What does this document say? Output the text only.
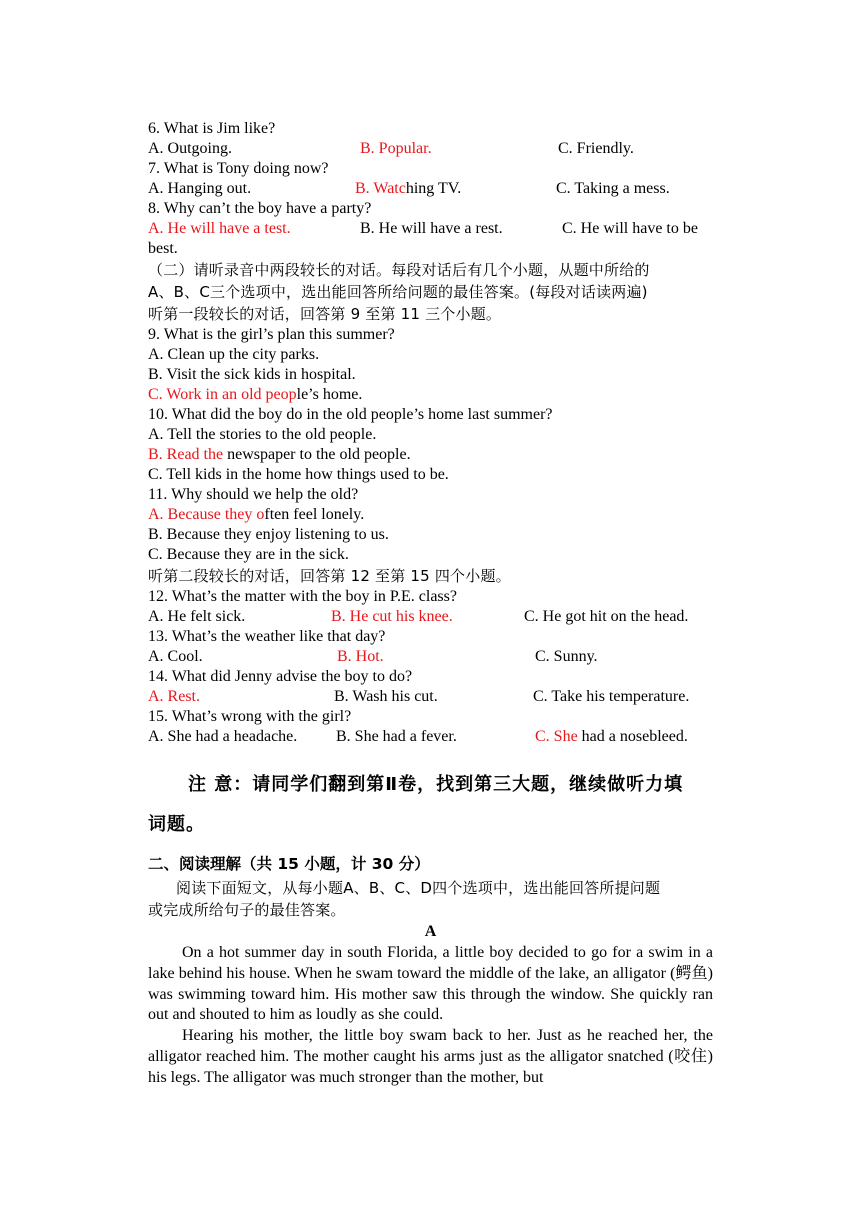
6. What is Jim like?
A. Outgoing.	B. Popular.	C. Friendly.
7. What is Tony doing now?
A. Hanging out.	B. Watching TV.	C. Taking a mess.
8. Why can’t the boy have a party?
A. He will have a test.	B. He will have a rest.	C. He will have to be
best.
（二）请听录音中两段较长的对话。每段对话后有几个小题，从题中所给的
A、B、C三个选项中，选出能回答所给问题的最佳答案。(每段对话读两遍)
听第一段较长的对话，回答第 9 至第 11 三个小题。
9. What is the girl’s plan this summer?
A. Clean up the city parks.
B. Visit the sick kids in hospital.
C. Work in an old people’s home.
10. What did the boy do in the old people’s home last summer?
A. Tell the stories to the old people.
B. Read the newspaper to the old people.
C. Tell kids in the home how things used to be.
11. Why should we help the old?
A. Because they often feel lonely.
B. Because they enjoy listening to us.
C. Because they are in the sick.
听第二段较长的对话，回答第 12 至第 15 四个小题。
12. What’s the matter with the boy in P.E. class?
A. He felt sick.	B. He cut his knee.	C. He got hit on the head.
13. What’s the weather like that day?
A. Cool.	B. Hot.	C. Sunny.
14. What did Jenny advise the boy to do?
A. Rest.	B. Wash his cut.	C. Take his temperature.
15. What’s wrong with the girl?
A. She had a headache. B. She had a fever.	C. She had a nosebleed.
注 意：请同学们翻到第Ⅱ卷，找到第三大题，继续做听力填
词题。
二、阅读理解（共 15 小题，计 30 分）
阅读下面短文，从每小题A、B、C、D四个选项中，选出能回答所提问题
或完成所给句子的最佳答案。
A
On a hot summer day in south Florida, a little boy decided to go for a swim in a lake behind his house. When he swam toward the middle of the lake, an alligator (鳄鱼) was swimming toward him. His mother saw this through the window. She quickly ran out and shouted to him as loudly as she could.
Hearing his mother, the little boy swam back to her. Just as he reached her, the alligator reached him. The mother caught his arms just as the alligator snatched (咬住) his legs. The alligator was much stronger than the mother, but
